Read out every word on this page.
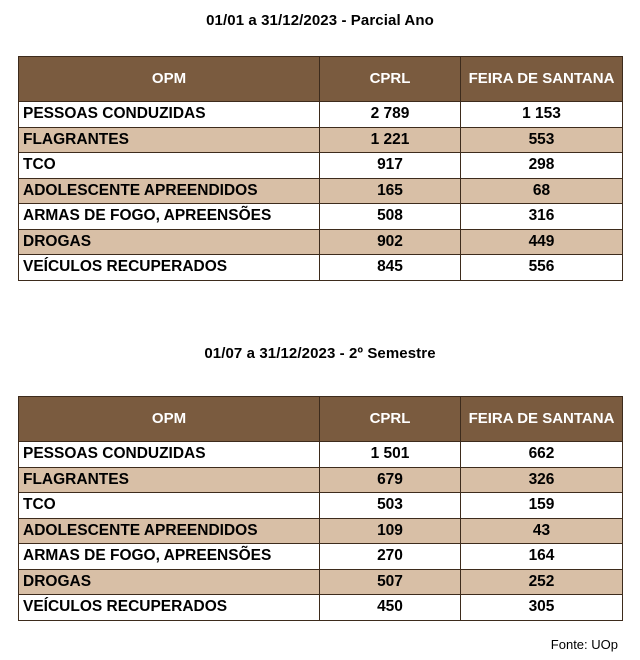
01/01 a 31/12/2023 - Parcial Ano
OPM	CPRL	FEIRA DE SANTANA
PESSOAS CONDUZIDAS	2 789	1 153
FLAGRANTES	1 221	553
TCO	917	298
ADOLESCENTE APREENDIDOS	165	68
ARMAS DE FOGO, APREENSÕES	508	316
DROGAS	902	449
VEÍCULOS RECUPERADOS	845	556
01/07 a 31/12/2023 - 2º Semestre
OPM	CPRL	FEIRA DE SANTANA
PESSOAS CONDUZIDAS	1 501	662
FLAGRANTES	679	326
TCO	503	159
ADOLESCENTE APREENDIDOS	109	43
ARMAS DE FOGO, APREENSÕES	270	164
DROGAS	507	252
VEÍCULOS RECUPERADOS	450	305
Fonte: UOp
